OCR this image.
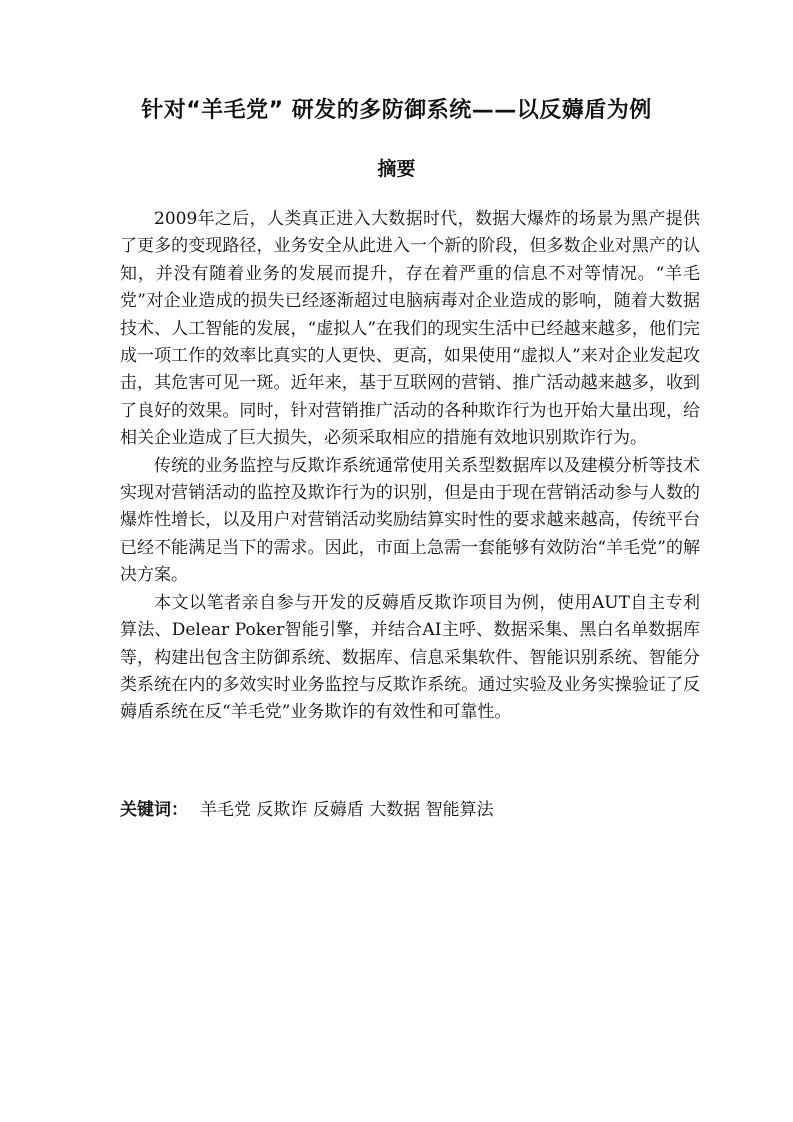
针对“羊毛党” 研发的多防御系统——以反薅盾为例
摘要

2009年之后，人类真正进入大数据时代，数据大爆炸的场景为黑产提供了更多的变现路径，业务安全从此进入一个新的阶段，但多数企业对黑产的认知，并没有随着业务的发展而提升，存在着严重的信息不对等情况。“羊毛党”对企业造成的损失已经逐渐超过电脑病毒对企业造成的影响，随着大数据技术、人工智能的发展，“虚拟人”在我们的现实生活中已经越来越多，他们完成一项工作的效率比真实的人更快、更高，如果使用“虚拟人”来对企业发起攻击，其危害可见一斑。近年来，基于互联网的营销、推广活动越来越多，收到了良好的效果。同时，针对营销推广活动的各种欺诈行为也开始大量出现，给相关企业造成了巨大损失，必须采取相应的措施有效地识别欺诈行为。

传统的业务监控与反欺诈系统通常使用关系型数据库以及建模分析等技术实现对营销活动的监控及欺诈行为的识别，但是由于现在营销活动参与人数的爆炸性增长，以及用户对营销活动奖励结算实时性的要求越来越高，传统平台已经不能满足当下的需求。因此，市面上急需一套能够有效防治“羊毛党”的解决方案。

本文以笔者亲自参与开发的反薅盾反欺诈项目为例，使用AUT自主专利算法、Delear Poker智能引擎，并结合AI主呼、数据采集、黑白名单数据库等，构建出包含主防御系统、数据库、信息采集软件、智能识别系统、智能分类系统在内的多效实时业务监控与反欺诈系统。通过实验及业务实操验证了反薅盾系统在反“羊毛党”业务欺诈的有效性和可靠性。

关键词： 羊毛党 反欺诈 反薅盾 大数据 智能算法
